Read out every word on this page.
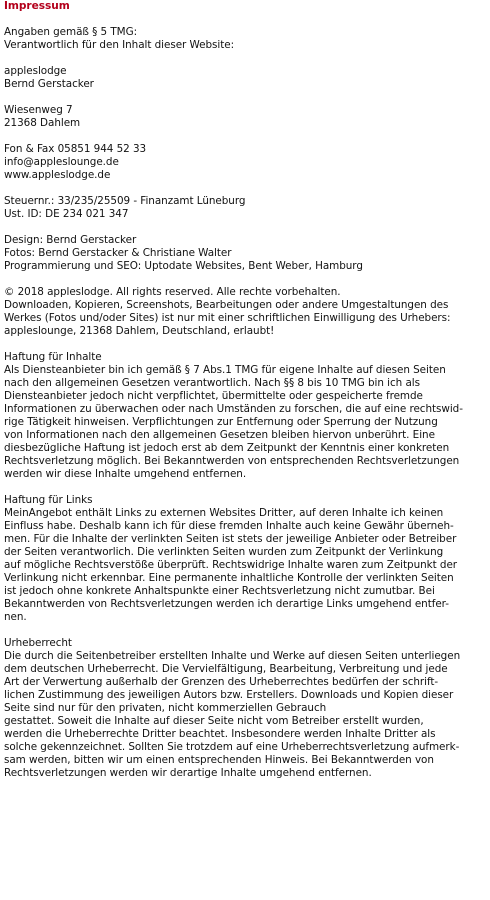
Impressum
Angaben gemäß § 5 TMG:
Verantwortlich für den Inhalt dieser Website:
appleslodge
Bernd Gerstacker
Wiesenweg 7
21368 Dahlem
Fon & Fax 05851 944 52 33
info@appleslounge.de
www.appleslodge.de
Steuernr.: 33/235/25509 - Finanzamt Lüneburg
Ust. ID: DE 234 021 347
Design: Bernd Gerstacker
Fotos: Bernd Gerstacker & Christiane Walter
Programmierung und SEO: Uptodate Websites, Bent Weber, Hamburg
© 2018 appleslodge. All rights reserved. Alle rechte vorbehalten.
Downloaden, Kopieren, Screenshots, Bearbeitungen oder andere Umgestaltungen des
Werkes (Fotos und/oder Sites) ist nur mit einer schriftlichen Einwilligung des Urhebers:
appleslounge, 21368 Dahlem, Deutschland, erlaubt!
Haftung für Inhalte
Als Diensteanbieter bin ich gemäß § 7 Abs.1 TMG für eigene Inhalte auf diesen Seiten
nach den allgemeinen Gesetzen verantwortlich. Nach §§ 8 bis 10 TMG bin ich als
Diensteanbieter jedoch nicht verpflichtet, übermittelte oder gespeicherte fremde
Informationen zu überwachen oder nach Umständen zu forschen, die auf eine rechtswid-
rige Tätigkeit hinweisen. Verpflichtungen zur Entfernung oder Sperrung der Nutzung
von Informationen nach den allgemeinen Gesetzen bleiben hiervon unberührt. Eine
diesbezügliche Haftung ist jedoch erst ab dem Zeitpunkt der Kenntnis einer konkreten
Rechtsverletzung möglich. Bei Bekanntwerden von entsprechenden Rechtsverletzungen
werden wir diese Inhalte umgehend entfernen.
Haftung für Links
MeinAngebot enthält Links zu externen Websites Dritter, auf deren Inhalte ich keinen
Einfluss habe. Deshalb kann ich für diese fremden Inhalte auch keine Gewähr überneh-
men. Für die Inhalte der verlinkten Seiten ist stets der jeweilige Anbieter oder Betreiber
der Seiten verantworlich. Die verlinkten Seiten wurden zum Zeitpunkt der Verlinkung
auf mögliche Rechtsverstöße überprüft. Rechtswidrige Inhalte waren zum Zeitpunkt der
Verlinkung nicht erkennbar. Eine permanente inhaltliche Kontrolle der verlinkten Seiten
ist jedoch ohne konkrete Anhaltspunkte einer Rechtsverletzung nicht zumutbar. Bei
Bekanntwerden von Rechtsverletzungen werden ich derartige Links umgehend entfer-
nen.
Urheberrecht
Die durch die Seitenbetreiber erstellten Inhalte und Werke auf diesen Seiten unterliegen
dem deutschen Urheberrecht. Die Vervielfältigung, Bearbeitung, Verbreitung und jede
Art der Verwertung außerhalb der Grenzen des Urheberrechtes bedürfen der schrift-
lichen Zustimmung des jeweiligen Autors bzw. Erstellers. Downloads und Kopien dieser
Seite sind nur für den privaten, nicht kommerziellen Gebrauch
gestattet. Soweit die Inhalte auf dieser Seite nicht vom Betreiber erstellt wurden,
werden die Urheberrechte Dritter beachtet. Insbesondere werden Inhalte Dritter als
solche gekennzeichnet. Sollten Sie trotzdem auf eine Urheberrechtsverletzung aufmerk-
sam werden, bitten wir um einen entsprechenden Hinweis. Bei Bekanntwerden von
Rechtsverletzungen werden wir derartige Inhalte umgehend entfernen.
